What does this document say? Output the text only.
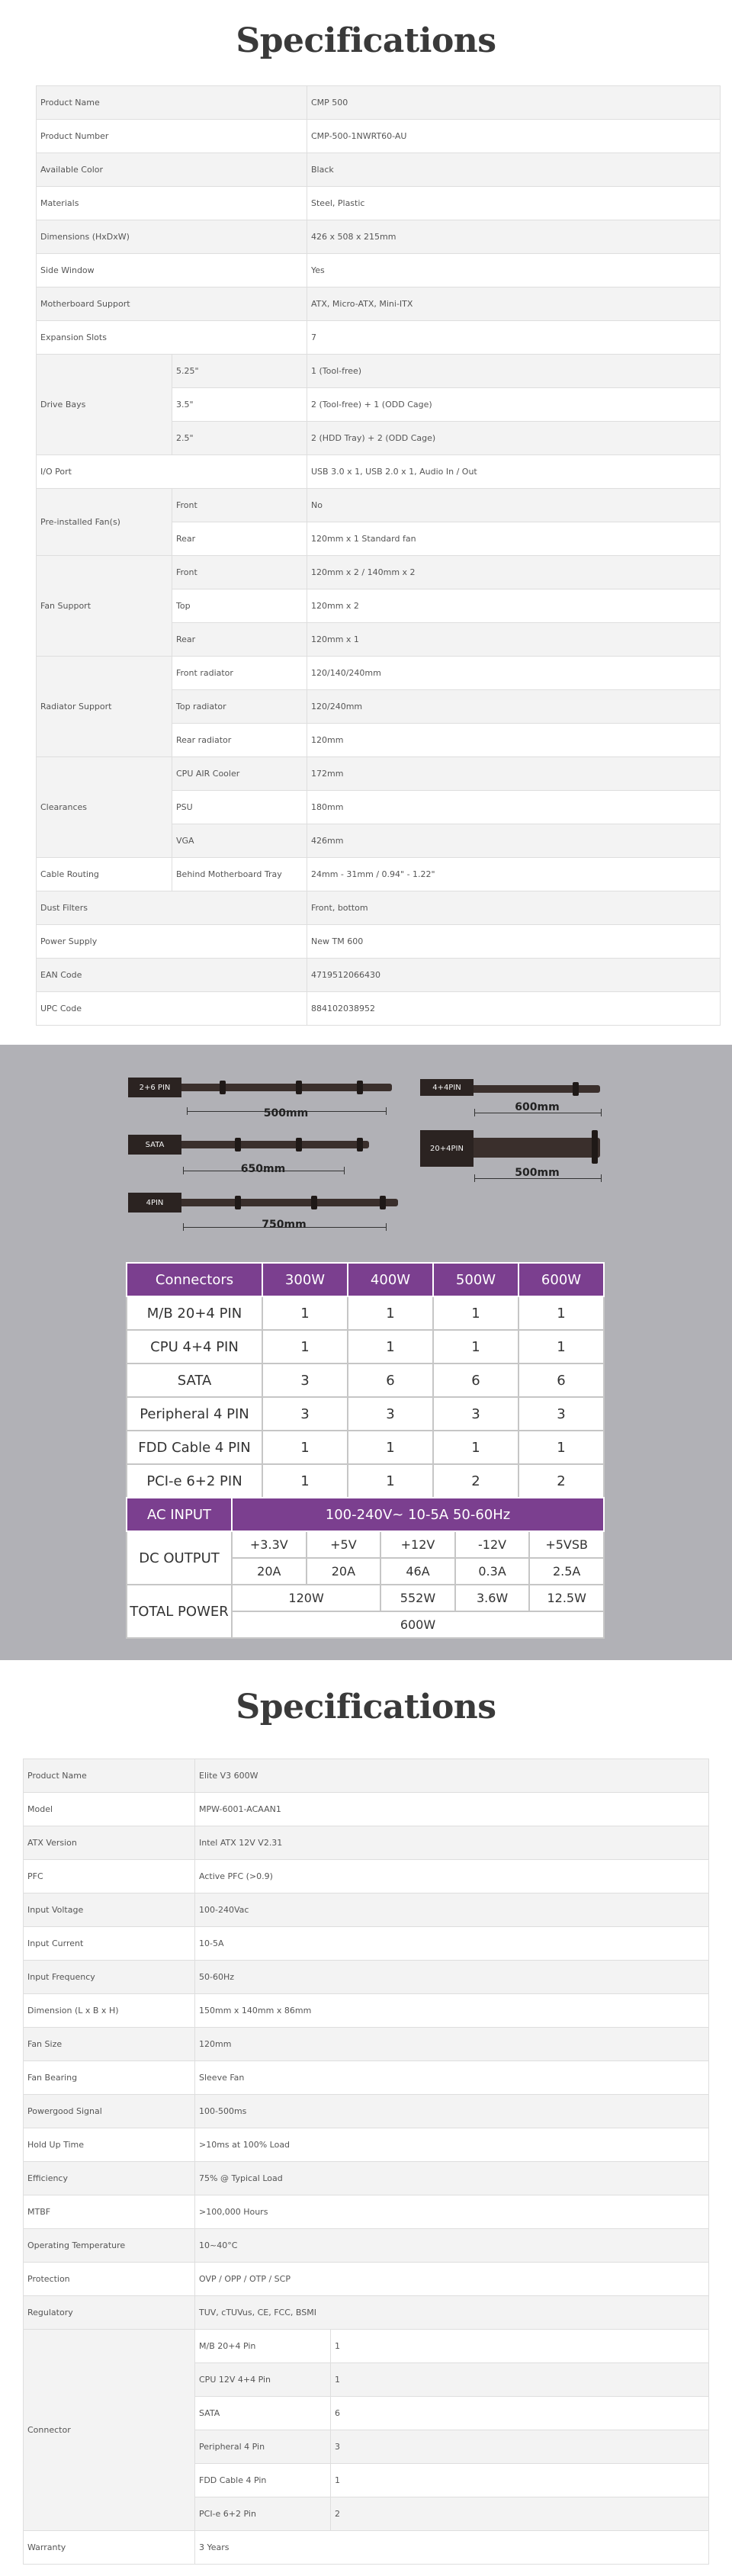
Specifications
Product Name		CMP 500
Product Number		CMP-500-1NWRT60-AU
Available Color		Black
Materials		Steel, Plastic
Dimensions (HxDxW)		426 x 508 x 215mm
Side Window		Yes
Motherboard Support		ATX, Micro-ATX, Mini-ITX
Expansion Slots		7
Drive Bays	5.25"	1 (Tool-free)
	3.5"	2 (Tool-free) + 1 (ODD Cage)
	2.5"	2 (HDD Tray) + 2 (ODD Cage)
I/O Port		USB 3.0 x 1, USB 2.0 x 1, Audio In / Out
Pre-installed Fan(s)	Front	No
	Rear	120mm x 1 Standard fan
Fan Support	Front	120mm x 2 / 140mm x 2
	Top	120mm x 2
	Rear	120mm x 1
Radiator Support	Front radiator	120/140/240mm
	Top radiator	120/240mm
	Rear radiator	120mm
Clearances	CPU AIR Cooler	172mm
	PSU	180mm
	VGA	426mm
Cable Routing	Behind Motherboard Tray	24mm - 31mm / 0.94" - 1.22"
Dust Filters		Front, bottom
Power Supply		New TM 600
EAN Code		4719512066430
UPC Code		884102038952
2+6 PIN
500mm
4+4PIN
600mm
SATA
650mm
20+4PIN
500mm
4PIN
750mm
Connectors	300W	400W	500W	600W
M/B 20+4 PIN	1	1	1	1
CPU 4+4 PIN	1	1	1	1
SATA	3	6	6	6
Peripheral 4 PIN	3	3	3	3
FDD Cable 4 PIN	1	1	1	1
PCI-e 6+2 PIN	1	1	2	2
AC INPUT	100-240V~ 10-5A 50-60Hz				
DC OUTPUT	+3.3V	+5V	+12V	-12V	+5VSB
	20A	20A	46A	0.3A	2.5A
TOTAL POWER	120W		552W	3.6W	12.5W
	600W				
Specifications
Product Name	Elite V3 600W	
Model	MPW-6001-ACAAN1	
ATX Version	Intel ATX 12V V2.31	
PFC	Active PFC (>0.9)	
Input Voltage	100-240Vac	
Input Current	10-5A	
Input Frequency	50-60Hz	
Dimension (L x B x H)	150mm x 140mm x 86mm	
Fan Size	120mm	
Fan Bearing	Sleeve Fan	
Powergood Signal	100-500ms	
Hold Up Time	>10ms at 100% Load	
Efficiency	75% @ Typical Load	
MTBF	>100,000 Hours	
Operating Temperature	10~40°C	
Protection	OVP / OPP / OTP / SCP	
Regulatory	TUV, cTUVus, CE, FCC, BSMI	
Connector	M/B 20+4 Pin	1
	CPU 12V 4+4 Pin	1
	SATA	6
	Peripheral 4 Pin	3
	FDD Cable 4 Pin	1
	PCI-e 6+2 Pin	2
Warranty	3 Years	
